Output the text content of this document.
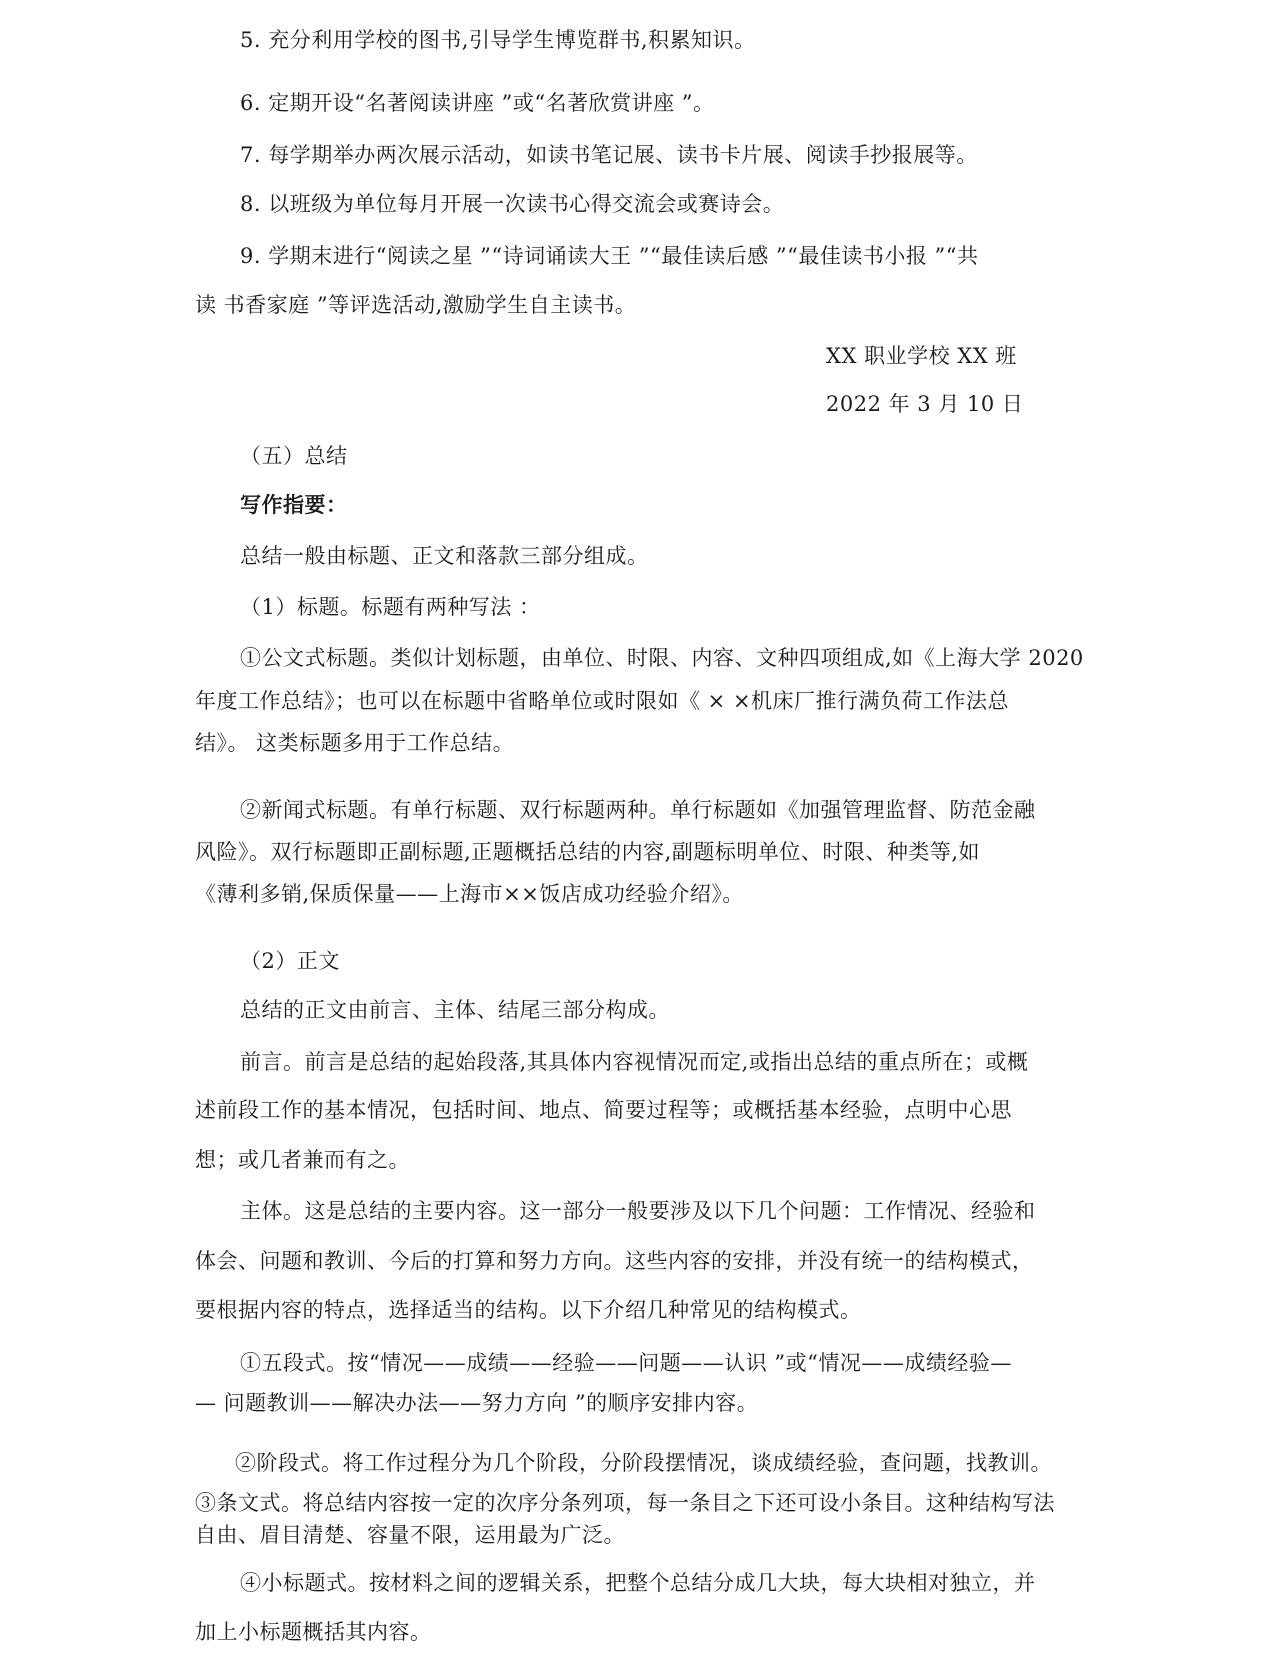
5. 充分利用学校的图书,引导学生博览群书,积累知识。
6. 定期开设“名著阅读讲座 ”或“名著欣赏讲座 ”。
7. 每学期举办两次展示活动，如读书笔记展、读书卡片展、阅读手抄报展等。
8. 以班级为单位每月开展一次读书心得交流会或赛诗会。
9. 学期末进行“阅读之星 ”“诗词诵读大王 ”“最佳读后感 ”“最佳读书小报 ”“共
读 书香家庭 ”等评选活动,激励学生自主读书。
XX 职业学校 XX 班
2022 年 3 月 10 日
（五）总结
写作指要：
总结一般由标题、正文和落款三部分组成。
（1）标题。标题有两种写法 ：
①公文式标题。类似计划标题，由单位、时限、内容、文种四项组成,如《上海大学 2020
年度工作总结》；也可以在标题中省略单位或时限如《 × ×机床厂推行满负荷工作法总
结》。 这类标题多用于工作总结。
②新闻式标题。有单行标题、双行标题两种。单行标题如《加强管理监督、防范金融
风险》。双行标题即正副标题,正题概括总结的内容,副题标明单位、时限、种类等,如
《薄利多销,保质保量——上海市××饭店成功经验介绍》。
（2）正文
总结的正文由前言、主体、结尾三部分构成。
前言。前言是总结的起始段落,其具体内容视情况而定,或指出总结的重点所在；或概
述前段工作的基本情况，包括时间、地点、简要过程等；或概括基本经验，点明中心思
想；或几者兼而有之。
主体。这是总结的主要内容。这一部分一般要涉及以下几个问题：工作情况、经验和
体会、问题和教训、今后的打算和努力方向。这些内容的安排，并没有统一的结构模式，
要根据内容的特点，选择适当的结构。以下介绍几种常见的结构模式。
①五段式。按“情况——成绩——经验——问题——认识 ”或“情况——成绩经验—
— 问题教训——解决办法——努力方向 ”的顺序安排内容。
②阶段式。将工作过程分为几个阶段，分阶段摆情况，谈成绩经验，查问题，找教训。
③条文式。将总结内容按一定的次序分条列项，每一条目之下还可设小条目。这种结构写法
自由、眉目清楚、容量不限，运用最为广泛。
④小标题式。按材料之间的逻辑关系，把整个总结分成几大块，每大块相对独立，并
加上小标题概括其内容。
